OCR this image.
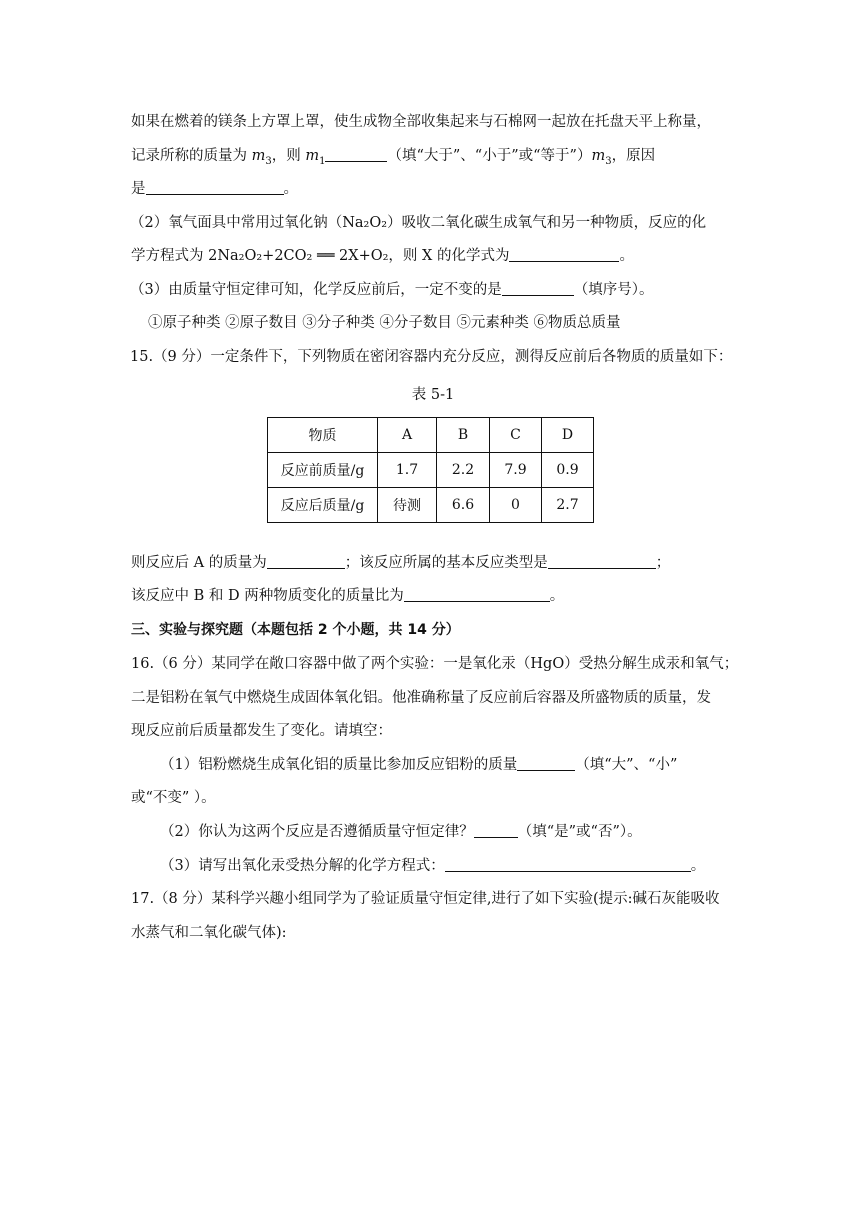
如果在燃着的镁条上方罩上罩，使生成物全部收集起来与石棉网一起放在托盘天平上称量，
记录所称的质量为 $m_3$，则 $m_1$	（填“大于”、“小于”或“等于$”)m_3$，原因
是	。
（2）氧气面具中常用过氧化钠（Na₂O₂）吸收二氧化碳生成氧气和另一种物质，反应的化
学方程式为 2Na₂O₂+2CO₂ ══ 2X+O₂，则 X 的化学式为	。
（3）由质量守恒定律可知，化学反应前后，一定不变的是	（填序号）。
①原子种类 ②原子数目 ③分子种类 ④分子数目 ⑤元素种类 ⑥物质总质量
15.（9 分）一定条件下，下列物质在密闭容器内充分反应，测得反应前后各物质的质量如下：
表 5-1
物质	A	B	C	D
反应前质量/g	1.7	2.2	7.9	0.9
反应后质量/g	待测	6.6	0	2.7
则反应后 A 的质量为	；该反应所属的基本反应类型是	；
该反应中 B 和 D 两种物质变化的质量比为	。
三、实验与探究题（本题包括 2 个小题，共 14 分）
16.（6 分）某同学在敞口容器中做了两个实验：一是氧化汞（HgO）受热分解生成汞和氧气；
二是铝粉在氧气中燃烧生成固体氧化铝。他准确称量了反应前后容器及所盛物质的质量，发
现反应前后质量都发生了变化。请填空：
（1）铝粉燃烧生成氧化铝的质量比参加反应铝粉的质量	（填“大”、“小”
或“不变” ）。
（2）你认为这两个反应是否遵循质量守恒定律？	（填“是”或“否”）。
（3）请写出氧化汞受热分解的化学方程式：	。
17.（8 分）某科学兴趣小组同学为了验证质量守恒定律,进行了如下实验(提示:碱石灰能吸收
水蒸气和二氧化碳气体):
